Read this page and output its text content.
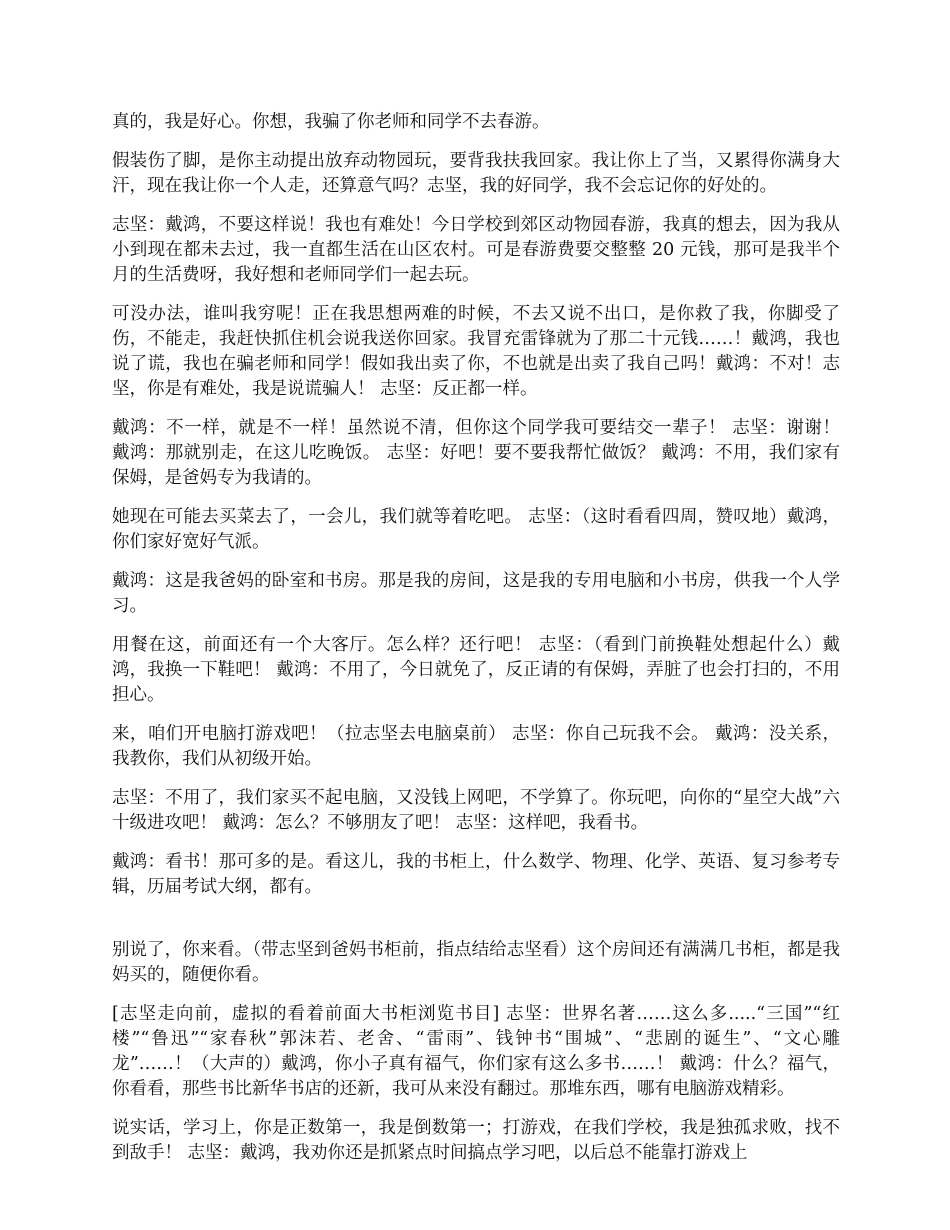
真的，我是好心。你想，我骗了你老师和同学不去春游。

假装伤了脚，是你主动提出放弃动物园玩，要背我扶我回家。我让你上了当，又累得你满身大汗，现在我让你一个人走，还算意气吗？志坚，我的好同学，我不会忘记你的好处的。

志坚：戴鸿，不要这样说！我也有难处！今日学校到郊区动物园春游，我真的想去，因为我从小到现在都未去过，我一直都生活在山区农村。可是春游费要交整整 20 元钱，那可是我半个月的生活费呀，我好想和老师同学们一起去玩。

可没办法，谁叫我穷呢！正在我思想两难的时候，不去又说不出口，是你救了我，你脚受了伤，不能走，我赶快抓住机会说我送你回家。我冒充雷锋就为了那二十元钱……！戴鸿，我也说了谎，我也在骗老师和同学！假如我出卖了你，不也就是出卖了我自己吗！戴鸿：不对！志坚，你是有难处，我是说谎骗人！ 志坚：反正都一样。

戴鸿：不一样，就是不一样！虽然说不清，但你这个同学我可要结交一辈子！ 志坚：谢谢！ 戴鸿：那就别走，在这儿吃晚饭。 志坚：好吧！要不要我帮忙做饭？ 戴鸿：不用，我们家有保姆，是爸妈专为我请的。

她现在可能去买菜去了，一会儿，我们就等着吃吧。 志坚：（这时看看四周，赞叹地）戴鸿，你们家好宽好气派。

戴鸿：这是我爸妈的卧室和书房。那是我的房间，这是我的专用电脑和小书房，供我一个人学习。

用餐在这，前面还有一个大客厅。怎么样？还行吧！ 志坚：（看到门前换鞋处想起什么）戴鸿，我换一下鞋吧！ 戴鸿：不用了，今日就免了，反正请的有保姆，弄脏了也会打扫的，不用担心。

来，咱们开电脑打游戏吧！（拉志坚去电脑桌前） 志坚：你自己玩我不会。 戴鸿：没关系，我教你，我们从初级开始。

志坚：不用了，我们家买不起电脑，又没钱上网吧，不学算了。你玩吧，向你的“星空大战”六十级进攻吧！ 戴鸿：怎么？不够朋友了吧！ 志坚：这样吧，我看书。

戴鸿：看书！那可多的是。看这儿，我的书柜上，什么数学、物理、化学、英语、复习参考专辑，历届考试大纲，都有。

别说了，你来看。（带志坚到爸妈书柜前，指点结给志坚看）这个房间还有满满几书柜，都是我妈买的，随便你看。

[志坚走向前，虚拟的看着前面大书柜浏览书目] 志坚：世界名著……这么多.....“三国”“红楼”“鲁迅”“家春秋”郭沫若、老舍、“雷雨”、钱钟书“围城”、“悲剧的诞生”、“文心雕龙”……！（大声的）戴鸿，你小子真有福气，你们家有这么多书……！ 戴鸿：什么？福气，你看看，那些书比新华书店的还新，我可从来没有翻过。那堆东西，哪有电脑游戏精彩。

说实话，学习上，你是正数第一，我是倒数第一；打游戏，在我们学校，我是独孤求败，找不到敌手！ 志坚：戴鸿，我劝你还是抓紧点时间搞点学习吧，以后总不能靠打游戏上
